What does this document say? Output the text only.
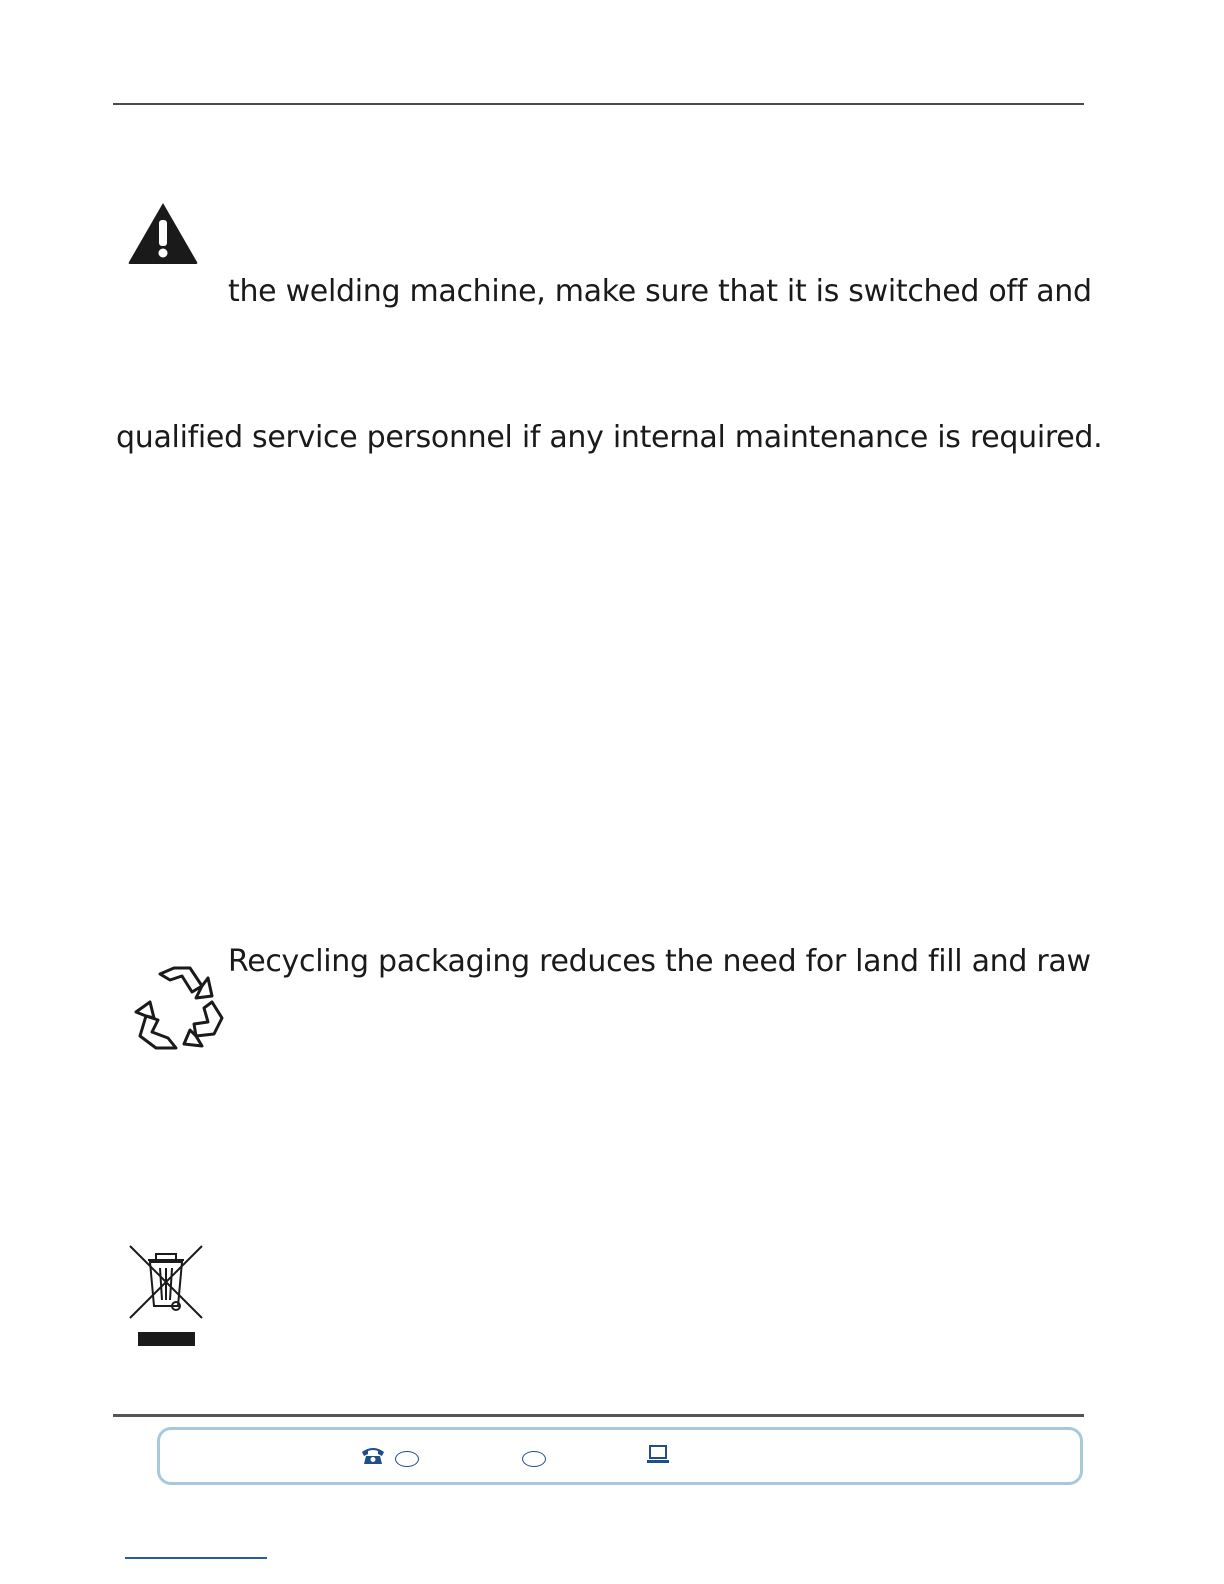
the welding machine, make sure that it is switched off and
qualified service personnel if any internal maintenance is required.
Recycling packaging reduces the need for land fill and raw
